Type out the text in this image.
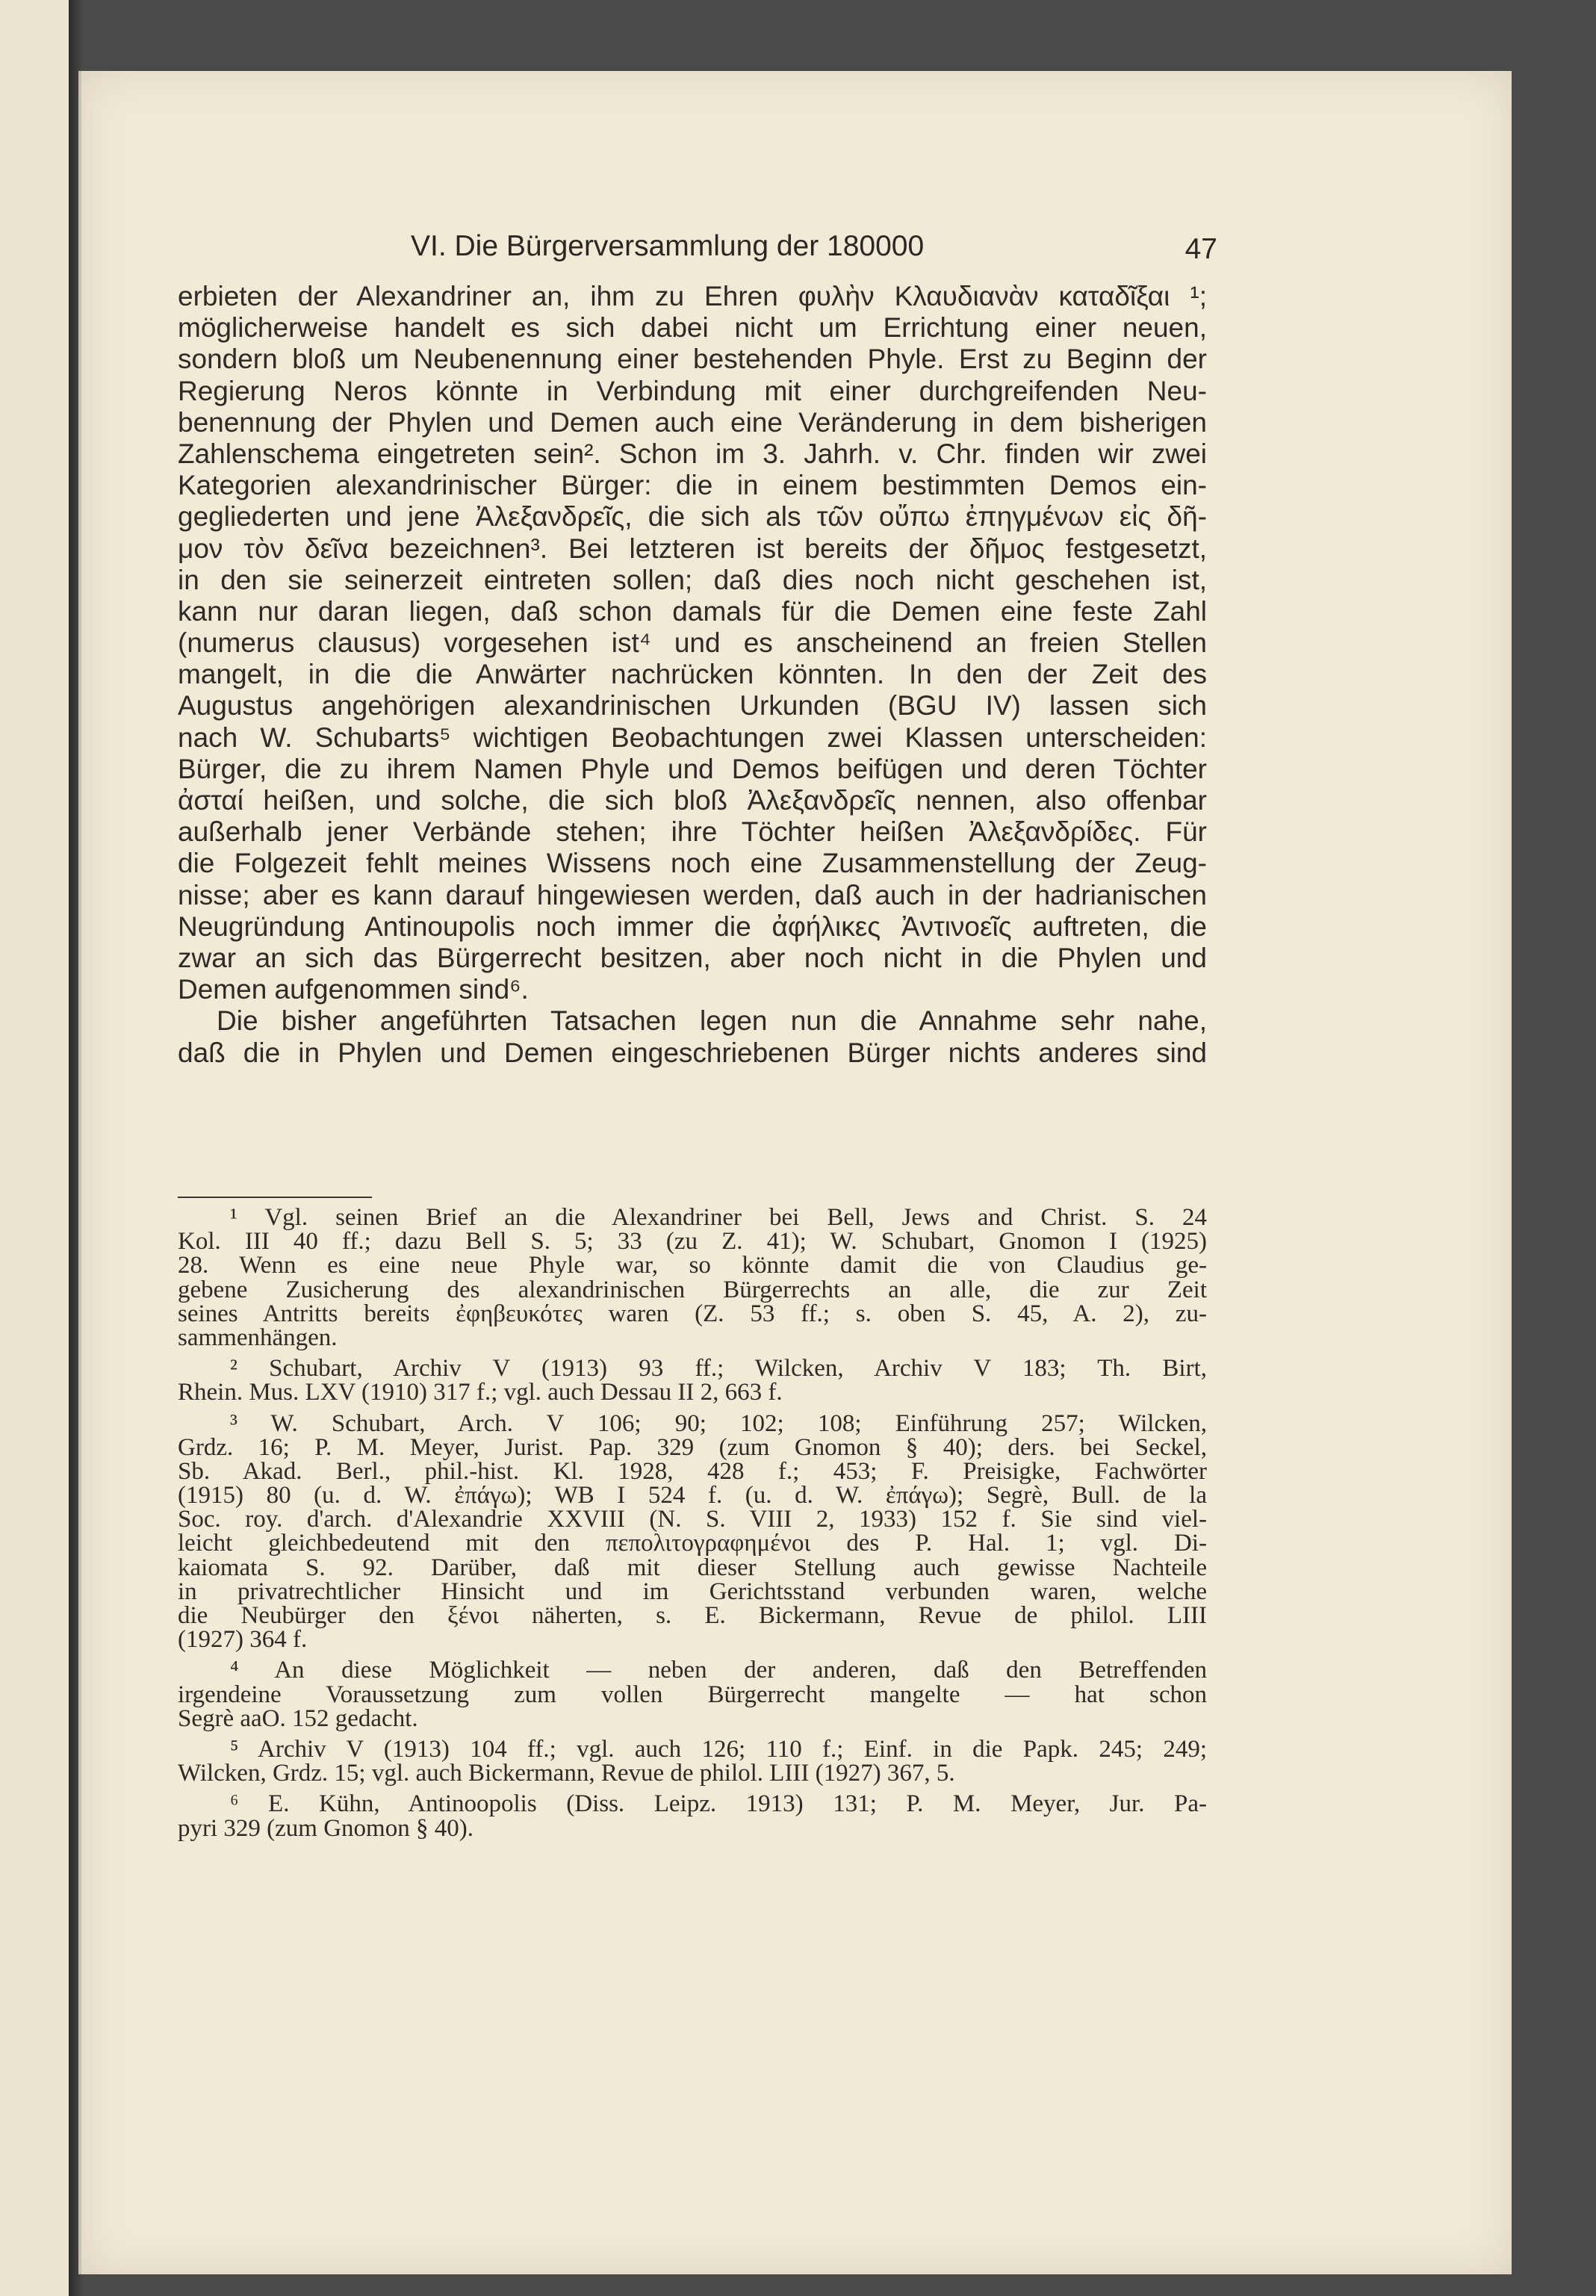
VI. Die Bürgerversammlung der 180000	47
erbieten der Alexandriner an, ihm zu Ehren φυλὴν Κλαυδιανὰν καταδῖξαι ¹;
möglicherweise handelt es sich dabei nicht um Errichtung einer neuen,
sondern bloß um Neubenennung einer bestehenden Phyle. Erst zu Beginn der
Regierung Neros könnte in Verbindung mit einer durchgreifenden Neu-
benennung der Phylen und Demen auch eine Veränderung in dem bisherigen
Zahlenschema eingetreten sein². Schon im 3. Jahrh. v. Chr. finden wir zwei
Kategorien alexandrinischer Bürger: die in einem bestimmten Demos ein-
gegliederten und jene Ἀλεξανδρεῖς, die sich als τῶν οὔπω ἐπηγμένων εἰς δῆ-
μον τὸν δεῖνα bezeichnen³. Bei letzteren ist bereits der δῆμος festgesetzt,
in den sie seinerzeit eintreten sollen; daß dies noch nicht geschehen ist,
kann nur daran liegen, daß schon damals für die Demen eine feste Zahl
(numerus clausus) vorgesehen ist⁴ und es anscheinend an freien Stellen
mangelt, in die die Anwärter nachrücken könnten. In den der Zeit des
Augustus angehörigen alexandrinischen Urkunden (BGU IV) lassen sich
nach W. Schubarts⁵ wichtigen Beobachtungen zwei Klassen unterscheiden:
Bürger, die zu ihrem Namen Phyle und Demos beifügen und deren Töchter
ἀσταί heißen, und solche, die sich bloß Ἀλεξανδρεῖς nennen, also offenbar
außerhalb jener Verbände stehen; ihre Töchter heißen Ἀλεξανδρίδες. Für
die Folgezeit fehlt meines Wissens noch eine Zusammenstellung der Zeug-
nisse; aber es kann darauf hingewiesen werden, daß auch in der hadrianischen
Neugründung Antinoupolis noch immer die ἀφήλικες Ἀντινοεῖς auftreten, die
zwar an sich das Bürgerrecht besitzen, aber noch nicht in die Phylen und
Demen aufgenommen sind⁶.
Die bisher angeführten Tatsachen legen nun die Annahme sehr nahe,
daß die in Phylen und Demen eingeschriebenen Bürger nichts anderes sind
¹ Vgl. seinen Brief an die Alexandriner bei Bell, Jews and Christ. S. 24
Kol. III 40 ff.; dazu Bell S. 5; 33 (zu Z. 41); W. Schubart, Gnomon I (1925)
28. Wenn es eine neue Phyle war, so könnte damit die von Claudius ge-
gebene Zusicherung des alexandrinischen Bürgerrechts an alle, die zur Zeit
seines Antritts bereits ἐφηβευκότες waren (Z. 53 ff.; s. oben S. 45, A. 2), zu-
sammenhängen.
² Schubart, Archiv V (1913) 93 ff.; Wilcken, Archiv V 183; Th. Birt,
Rhein. Mus. LXV (1910) 317 f.; vgl. auch Dessau II 2, 663 f.
³ W. Schubart, Arch. V 106; 90; 102; 108; Einführung 257; Wilcken,
Grdz. 16; P. M. Meyer, Jurist. Pap. 329 (zum Gnomon § 40); ders. bei Seckel,
Sb. Akad. Berl., phil.-hist. Kl. 1928, 428 f.; 453; F. Preisigke, Fachwörter
(1915) 80 (u. d. W. ἐπάγω); WB I 524 f. (u. d. W. ἐπάγω); Segrè, Bull. de la
Soc. roy. d'arch. d'Alexandrie XXVIII (N. S. VIII 2, 1933) 152 f. Sie sind viel-
leicht gleichbedeutend mit den πεπολιτογραφημένοι des P. Hal. 1; vgl. Di-
kaiomata S. 92. Darüber, daß mit dieser Stellung auch gewisse Nachteile
in privatrechtlicher Hinsicht und im Gerichtsstand verbunden waren, welche
die Neubürger den ξένοι näherten, s. E. Bickermann, Revue de philol. LIII
(1927) 364 f.
⁴ An diese Möglichkeit — neben der anderen, daß den Betreffenden
irgendeine Voraussetzung zum vollen Bürgerrecht mangelte — hat schon
Segrè aaO. 152 gedacht.
⁵ Archiv V (1913) 104 ff.; vgl. auch 126; 110 f.; Einf. in die Papk. 245; 249;
Wilcken, Grdz. 15; vgl. auch Bickermann, Revue de philol. LIII (1927) 367, 5.
⁶ E. Kühn, Antinoopolis (Diss. Leipz. 1913) 131; P. M. Meyer, Jur. Pa-
pyri 329 (zum Gnomon § 40).
